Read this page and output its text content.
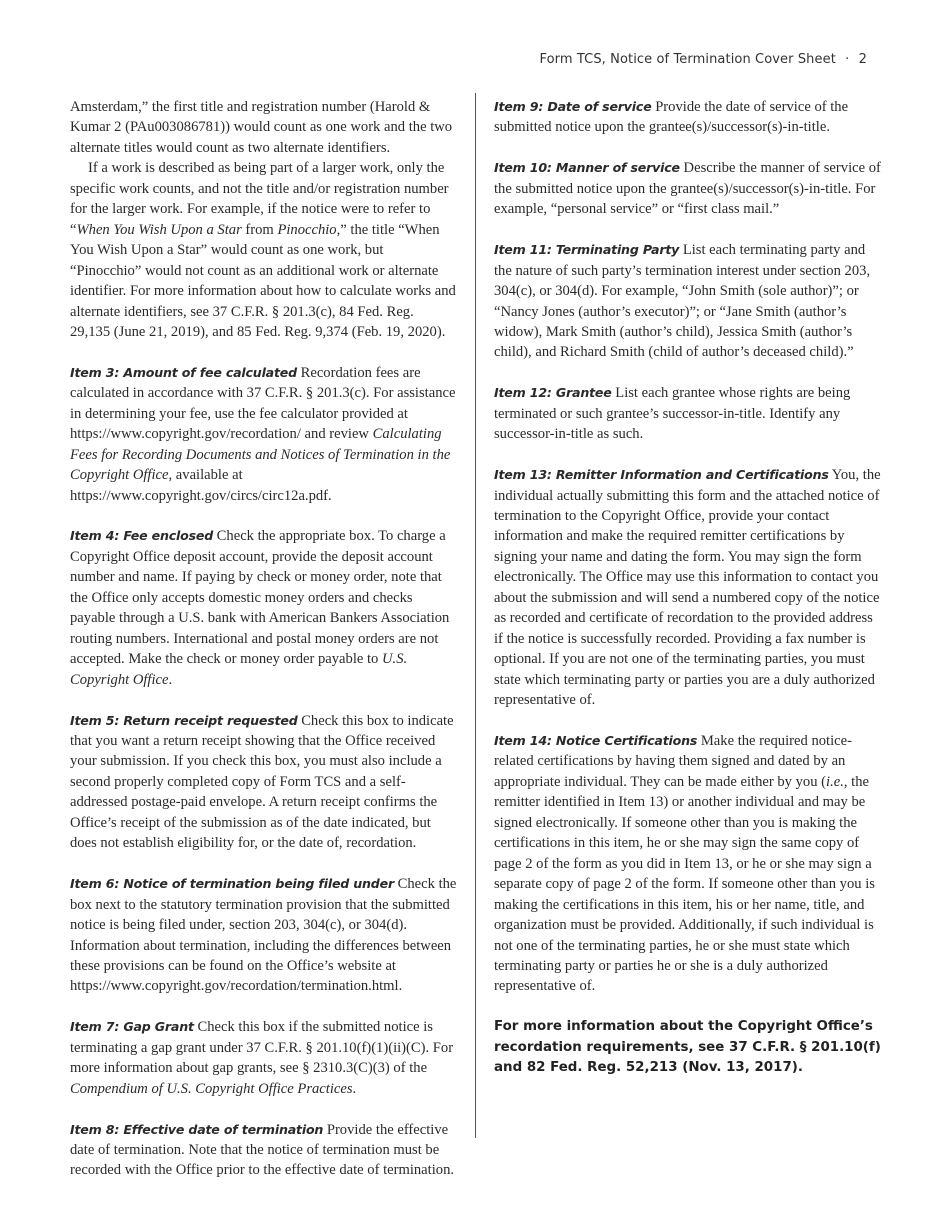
Form TCS, Notice of Termination Cover Sheet · 2

Amsterdam,” the first title and registration number (Harold & Kumar 2 (PAu003086781)) would count as one work and the two alternate titles would count as two alternate identifiers.

If a work is described as being part of a larger work, only the specific work counts, and not the title and/or registration number for the larger work. For example, if the notice were to refer to “When You Wish Upon a Star from Pinocchio,” the title “When You Wish Upon a Star” would count as one work, but “Pinocchio” would not count as an additional work or alternate identifier. For more information about how to calculate works and alternate identifiers, see 37 C.F.R. § 201.3(c), 84 Fed. Reg. 29,135 (June 21, 2019), and 85 Fed. Reg. 9,374 (Feb. 19, 2020).

Item 3: Amount of fee calculated Recordation fees are calculated in accordance with 37 C.F.R. § 201.3(c). For assistance in determining your fee, use the fee calculator provided at https://www.copyright.gov/recordation/ and review Calculating Fees for Recording Documents and Notices of Termination in the Copyright Office, available at https://www.copyright.gov/circs/circ12a.pdf.

Item 4: Fee enclosed Check the appropriate box. To charge a Copyright Office deposit account, provide the deposit account number and name. If paying by check or money order, note that the Office only accepts domestic money orders and checks payable through a U.S. bank with American Bankers Association routing numbers. International and postal money orders are not accepted. Make the check or money order payable to U.S. Copyright Office.

Item 5: Return receipt requested Check this box to indicate that you want a return receipt showing that the Office received your submission. If you check this box, you must also include a second properly completed copy of Form TCS and a self-addressed postage-paid envelope. A return receipt confirms the Office’s receipt of the submission as of the date indicated, but does not establish eligibility for, or the date of, recordation.

Item 6: Notice of termination being filed under Check the box next to the statutory termination provision that the submitted notice is being filed under, section 203, 304(c), or 304(d). Information about termination, including the differences between these provisions can be found on the Office’s website at https://www.copyright.gov/recordation/termination.html.

Item 7: Gap Grant Check this box if the submitted notice is terminating a gap grant under 37 C.F.R. § 201.10(f)(1)(ii)(C). For more information about gap grants, see § 2310.3(C)(3) of the Compendium of U.S. Copyright Office Practices.

Item 8: Effective date of termination Provide the effective date of termination. Note that the notice of termination must be recorded with the Office prior to the effective date of termination.

Item 9: Date of service Provide the date of service of the submitted notice upon the grantee(s)/successor(s)-in-title.

Item 10: Manner of service Describe the manner of service of the submitted notice upon the grantee(s)/successor(s)-in-title. For example, “personal service” or “first class mail.”

Item 11: Terminating Party List each terminating party and the nature of such party’s termination interest under section 203, 304(c), or 304(d). For example, “John Smith (sole author)”; or “Nancy Jones (author’s executor)”; or “Jane Smith (author’s widow), Mark Smith (author’s child), Jessica Smith (author’s child), and Richard Smith (child of author’s deceased child).”

Item 12: Grantee List each grantee whose rights are being terminated or such grantee’s successor-in-title. Identify any successor-in-title as such.

Item 13: Remitter Information and Certifications You, the individual actually submitting this form and the attached notice of termination to the Copyright Office, provide your contact information and make the required remitter certifications by signing your name and dating the form. You may sign the form electronically. The Office may use this information to contact you about the submission and will send a numbered copy of the notice as recorded and certificate of recordation to the provided address if the notice is successfully recorded. Providing a fax number is optional. If you are not one of the terminating parties, you must state which terminating party or parties you are a duly authorized representative of.

Item 14: Notice Certifications Make the required notice-related certifications by having them signed and dated by an appropriate individual. They can be made either by you (i.e., the remitter identified in Item 13) or another individual and may be signed electronically. If someone other than you is making the certifications in this item, he or she may sign the same copy of page 2 of the form as you did in Item 13, or he or she may sign a separate copy of page 2 of the form. If someone other than you is making the certifications in this item, his or her name, title, and organization must be provided. Additionally, if such individual is not one of the terminating parties, he or she must state which terminating party or parties he or she is a duly authorized representative of.

For more information about the Copyright Office’s recordation requirements, see 37 C.F.R. § 201.10(f) and 82 Fed. Reg. 52,213 (Nov. 13, 2017).
